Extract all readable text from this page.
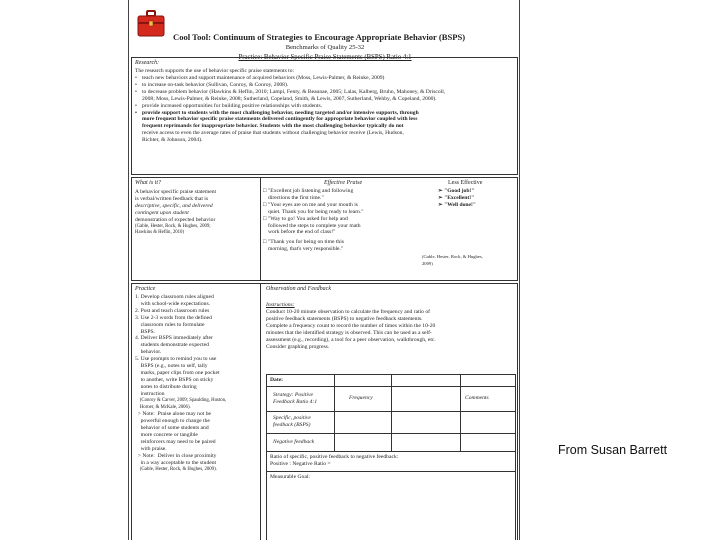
Cool Tool: Continuum of Strategies to Encourage Appropriate Behavior (BSPS)
Benchmarks of Quality 25-32
Practice: Behavior Specific Praise Statements (BSPS) Ratio 4:1
Research:
The research supports the use of behavior specific praise statements to:
• teach new behaviors and support maintenance of acquired behaviors (Moss, Lewis-Palmer, & Reinke, 2009)
• to increase on-task behavior (Sullivan, Conroy, & Conroy, 2008).
• to decrease problem behavior (Hawkins & Heflin, 2010; Lampi, Fenty, & Beaunae, 2005; Lalas, Kalberg, Bruhn, Mahoney, & Driscoll,
2008; Moss, Lewis-Palmer, & Reinke, 2008; Sutherland, Copeland, Smith, & Lewis, 2007, Sutherland, Wehby, & Copeland, 2000).
• provide increased opportunities for building positive relationships with students.
• provide support to students with the most challenging behavior, needing targeted and/or intensive supports, through
more frequent behavior specific praise statements delivered contingently for appropriate behavior coupled with less
frequent reprimands for inappropriate behavior. Students with the most challenging behavior typically do not
receive access to even the average rates of praise that students without challenging behavior receive (Lewis, Hudson,
Richter, & Johnson, 2004).
What is it?
A behavior specific praise statement
is verbal/written feedback that is
descriptive, specific, and delivered
contingent upon student
demonstration of expected behavior
(Gable, Hester, Rock, & Hughes, 2009;
Hawkins & Heflin, 2010)
Effective Praise
□ "Excellent job listening and following
directions the first time."
□ "Your eyes are on me and your mouth is
quiet. Thank you for being ready to learn."
□ "Way to go! You asked for help and
followed the steps to complete your math
work before the end of class!"
□ "Thank you for being on time this
morning, that's very responsible."
Less Effective
➢ "Good job!"
➢ "Excellent!"
➢ "Well done!"
(Gable, Hester, Rock, & Hughes,
2009)
Practice
1. Develop classroom rules aligned
with school-wide expectations.
2. Post and teach classroom rules
3. Use 2-3 words from the defined
classroom rules to formulate
BSPS.
4. Deliver BSPS immediately after
students demonstrate expected
behavior.
5. Use prompts to remind you to use
BSPS (e.g., notes to self, tally
marks, paper clips from one pocket
to another, write BSPS on sticky
notes to distribute during
instruction
(Conroy & Carver, 2009; Spaulding, Huston,
Horner, & McKale, 2006).
> Note:  Praise alone may not be
powerful enough to change the
behavior of some students and
more concrete or tangible
reinforcers may need to be paired
with praise.
> Note:  Deliver in close proximity
in a way acceptable to the student
(Gable, Hester, Rock, & Hughes, 2009).
Observation and Feedback
Instructions:
Conduct 10-20 minute observation to calculate the frequency and ratio of
positive feedback statements (BSPS) to negative feedback statements.
Complete a frequency count to record the number of times within the 10-20
minutes that the identified strategy is observed. This can be used as a self-
assessment (e.g., recording), a tool for a peer observation, walkthrough, etc.
Consider graphing progress.
Date:
Strategy: Positive
Feedback Ratio 4:1
Frequency	Comments
Specific, positive
feedback (BSPS)
Negative feedback
Ratio of specific, positive feedback to negative feedback:
Positive : Negative Ratio =
Measurable Goal:
From Susan Barrett
